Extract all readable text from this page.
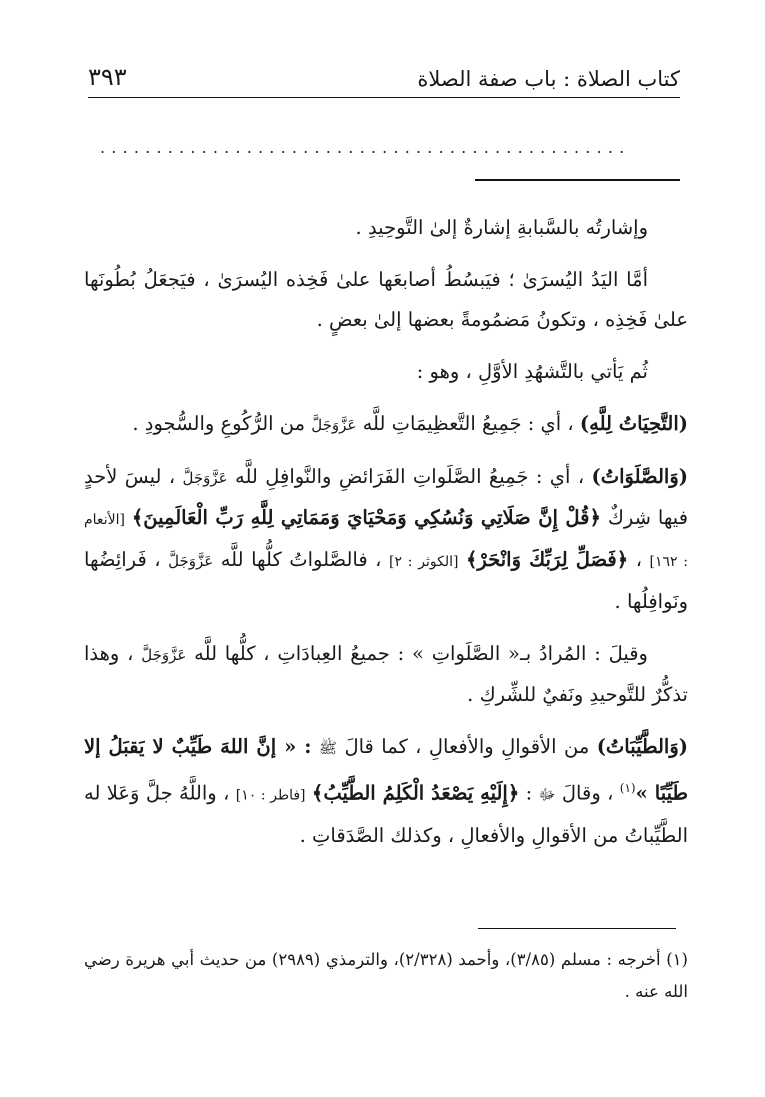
كتاب الصلاة : باب صفة الصلاة
٣٩٣
...............................................

وإشارتُه بالسَّبابةِ إشارةٌ إلىٰ التَّوحِيدِ .

أمَّا اليَدُ اليُسرَىٰ ؛ فيَبسُطُ أصابعَها علىٰ فَخِذه اليُسرَىٰ ، فيَجعَلُ بُطُونَها علىٰ فَخِذِه ، وتكونُ مَضمُومةً بعضها إلىٰ بعضٍ .

ثُم يَأتي بالتَّشهُدِ الأوَّلِ ، وهو :

(التَّحِيَاتُ لِلَّهِ) ، أي : جَمِيعُ التَّعظِيمَاتِ للَّه عَزَّوَجَلَّ من الرُّكُوعِ والسُّجودِ .

(وَالصَّلَوَاتُ) ، أي : جَمِيعُ الصَّلَواتِ الفَرَائضِ والنَّوافِلِ للَّه عَزَّوَجَلَّ ، ليسَ لأحدٍ فيها شِركٌ ﴿قُلْ إِنَّ صَلَاتِي وَنُسُكِي وَمَحْيَايَ وَمَمَاتِي لِلَّهِ رَبِّ الْعَالَمِينَ﴾ [الأنعام : ١٦٢] ، ﴿فَصَلِّ لِرَبِّكَ وَانْحَرْ﴾ [الكوثر : ٢] ، فالصَّلواتُ كلُّها للَّه عَزَّوَجَلَّ ، فَرائِضُها ونَوافِلُها .

وقيلَ : المُرادُ بـ« الصَّلَواتِ » : جميعُ العِبادَاتِ ، كلُّها للَّه عَزَّوَجَلَّ ، وهذا تذكُّرٌ للتَّوحيدِ ونَفيٌ للشِّركِ .

(وَالطَّيِّبَاتُ) من الأقوالِ والأفعالِ ، كما قالَ ﷺ : « إنَّ اللهَ طَيِّبٌ لا يَقبَلُ إلا طَيِّبًا »$^{(١)}$ ، وقالَ ﷻ : ﴿إِلَيْهِ يَصْعَدُ الْكَلِمُ الطَّيِّبُ﴾ [فاطر : ١٠] ، واللَّهُ جلَّ وَعَلا له الطَّيِّباتُ من الأقوالِ والأفعالِ ، وكذلك الصَّدَقاتِ .

(١) أخرجه : مسلم (٣/٨٥)، وأحمد (٢/٣٢٨)، والترمذي (٢٩٨٩) من حديث أبي هريرة رضي الله عنه .
